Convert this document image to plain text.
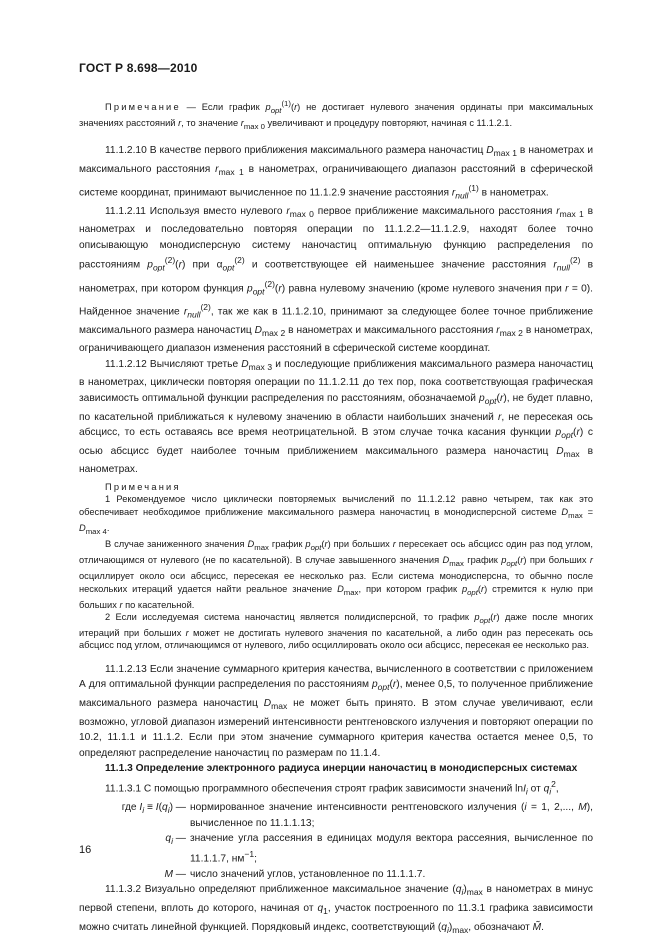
ГОСТ Р 8.698—2010

Примечание — Если график $p_{opt}^{(1)}(r)$ не достигает нулевого значения ординаты при максимальных значениях расстояний r, то значение $r_{max 0}$ увеличивают и процедуру повторяют, начиная с 11.1.2.1.

11.1.2.10 В качестве первого приближения максимального размера наночастиц $D_{max 1}$ в нанометрах и максимального расстояния $r_{max 1}$ в нанометрах, ограничивающего диапазон расстояний в сферической системе координат, принимают вычисленное по 11.1.2.9 значение расстояния $r_{null}^{(1)}$ в нанометрах.

11.1.2.11 Используя вместо нулевого $r_{max 0}$ первое приближение максимального расстояния $r_{max 1}$ в нанометрах и последовательно повторяя операции по 11.1.2.2—11.1.2.9, находят более точно описывающую монодисперсную систему наночастиц оптимальную функцию распределения по расстояниям $p_{opt}^{(2)}(r)$ при $\alpha_{opt}^{(2)}$ и соответствующее ей наименьшее значение расстояния $r_{null}^{(2)}$ в нанометрах, при котором функция $p_{opt}^{(2)}(r)$ равна нулевому значению (кроме нулевого значения при r = 0). Найденное значение $r_{null}^{(2)}$, так же как в 11.1.2.10, принимают за следующее более точное приближение максимального размера наночастиц $D_{max 2}$ в нанометрах и максимального расстояния $r_{max 2}$ в нанометрах, ограничивающего диапазон изменения расстояний в сферической системе координат.

11.1.2.12 Вычисляют третье $D_{max 3}$ и последующие приближения максимального размера наночастиц в нанометрах, циклически повторяя операции по 11.1.2.11 до тех пор, пока соответствующая графическая зависимость оптимальной функции распределения по расстояниям, обозначаемой $p_{opt}(r)$, не будет плавно, по касательной приближаться к нулевому значению в области наибольших значений r, не пересекая ось абсцисс, то есть оставаясь все время неотрицательной. В этом случае точка касания функции $p_{opt}(r)$ с осью абсцисс будет наиболее точным приближением максимального размера наночастиц $D_{max}$ в нанометрах.

Примечания

1 Рекомендуемое число циклически повторяемых вычислений по 11.1.2.12 равно четырем, так как это обеспечивает необходимое приближение максимального размера наночастиц в монодисперсной системе $D_{max} = D_{max 4}$.

В случае заниженного значения $D_{max}$ график $p_{opt}(r)$ при больших r пересекает ось абсцисс один раз под углом, отличающимся от нулевого (не по касательной). В случае завышенного значения $D_{max}$ график $p_{opt}(r)$ при больших r осциллирует около оси абсцисс, пересекая ее несколько раз. Если система монодисперсна, то обычно после нескольких итераций удается найти реальное значение $D_{max}$, при котором график $p_{opt}(r)$ стремится к нулю при больших r по касательной.

2 Если исследуемая система наночастиц является полидисперсной, то график $p_{opt}(r)$ даже после многих итераций при больших r может не достигать нулевого значения по касательной, а либо один раз пересекать ось абсцисс под углом, отличающимся от нулевого, либо осциллировать около оси абсцисс, пересекая ее несколько раз.

11.1.2.13 Если значение суммарного критерия качества, вычисленного в соответствии с приложением А для оптимальной функции распределения по расстояниям $p_{opt}(r)$, менее 0,5, то полученное приближение максимального размера наночастиц $D_{max}$ не может быть принято. В этом случае увеличивают, если возможно, угловой диапазон измерений интенсивности рентгеновского излучения и повторяют операции по 10.2, 11.1.1 и 11.1.2. Если при этом значение суммарного критерия качества остается менее 0,5, то определяют распределение наночастиц по размерам по 11.1.4.

11.1.3 Определение электронного радиуса инерции наночастиц в монодисперсных системах

11.1.3.1 С помощью программного обеспечения строят график зависимости значений lnI$_i$ от $q_i^2$,

где $I_i \equiv I(q_i)$ — нормированное значение интенсивности рентгеновского излучения (i = 1, 2,..., M), вычисленное по 11.1.1.13;
$q_i$ — значение угла рассеяния в единицах модуля вектора рассеяния, вычисленное по 11.1.1.7, $нм^{-1}$;
M — число значений углов, установленное по 11.1.1.7.

11.1.3.2 Визуально определяют приближенное максимальное значение $(q_i)_{max}$ в нанометрах в минус первой степени, вплоть до которого, начиная от $q_1$, участок построенного по 11.3.1 графика зависимости можно считать линейной функцией. Порядковый индекс, соответствующий $(q_i)_{max}$, обозначают M̃.

16
